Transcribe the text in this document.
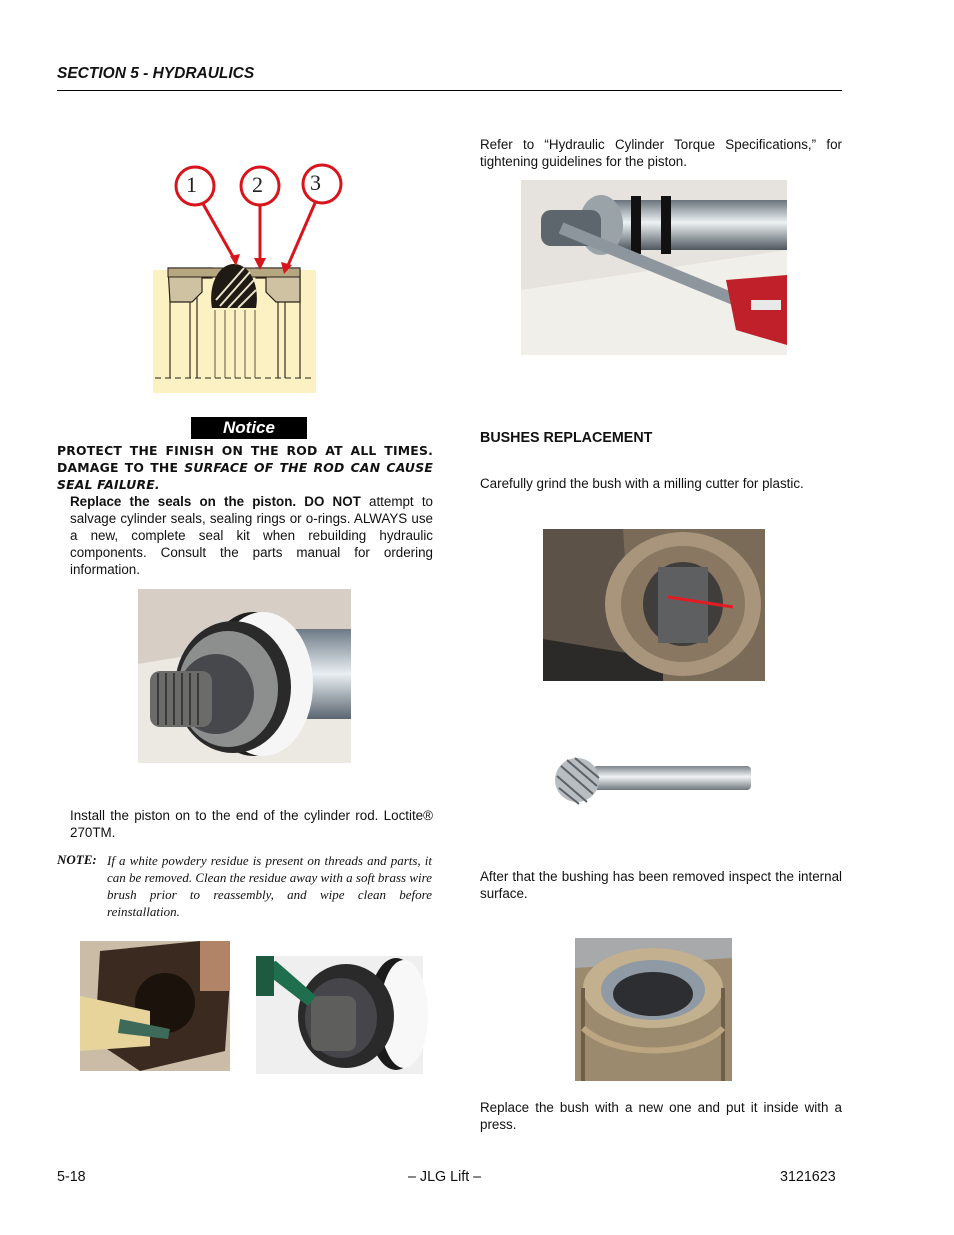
SECTION 5 - HYDRAULICS
1	2 3
Notice
PROTECT THE FINISH ON THE ROD AT ALL TIMES. DAMAGE TO THE SURFACE OF THE ROD CAN CAUSE SEAL FAILURE.
Replace the seals on the piston. DO NOT attempt to salvage cylinder seals, sealing rings or o-rings. ALWAYS use a new, complete seal kit when rebuilding hydraulic components. Consult the parts manual for ordering information.
Install the piston on to the end of the cylinder rod. Loctite® 270TM.
NOTE: If a white powdery residue is present on threads and parts, it can be removed. Clean the residue away with a soft brass wire brush prior to reassembly, and wipe clean before reinstallation.
Refer to “Hydraulic Cylinder Torque Specifications,” for tightening guidelines for the piston.
BUSHES REPLACEMENT
Carefully grind the bush with a milling cutter for plastic.
After that the bushing has been removed inspect the internal surface.
Replace the bush with a new one and put it inside with a press.
5-18	– JLG Lift –	3121623
